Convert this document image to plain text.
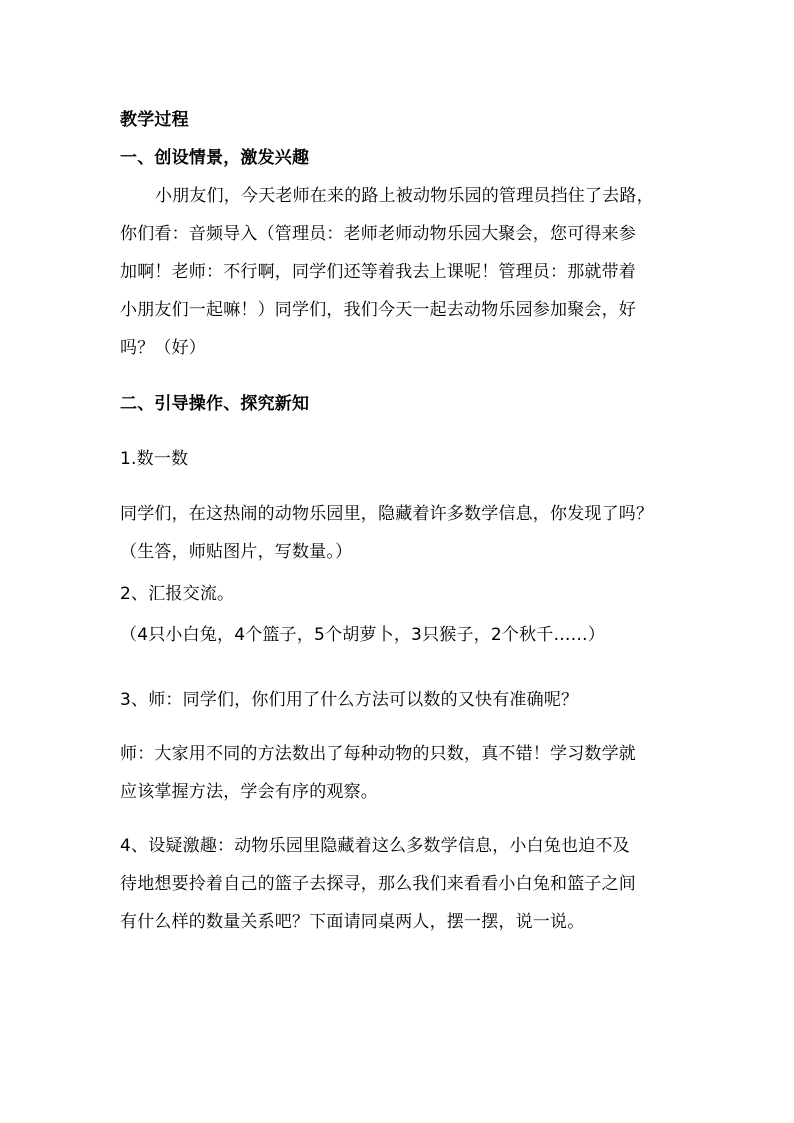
教学过程
一、创设情景，激发兴趣
小朋友们，今天老师在来的路上被动物乐园的管理员挡住了去路，
你们看：音频导入（管理员：老师老师动物乐园大聚会，您可得来参
加啊！老师：不行啊，同学们还等着我去上课呢！管理员：那就带着
小朋友们一起嘛！）同学们，我们今天一起去动物乐园参加聚会，好
吗？（好）
二、引导操作、探究新知
1.数一数
同学们，在这热闹的动物乐园里，隐藏着许多数学信息，你发现了吗？
（生答，师贴图片，写数量。）
2、汇报交流。
（4只小白兔，4个篮子，5个胡萝卜，3只猴子，2个秋千……）
3、师：同学们，你们用了什么方法可以数的又快有准确呢？
师：大家用不同的方法数出了每种动物的只数，真不错！学习数学就
应该掌握方法，学会有序的观察。
4、设疑激趣：动物乐园里隐藏着这么多数学信息，小白兔也迫不及
待地想要拎着自己的篮子去探寻，那么我们来看看小白兔和篮子之间
有什么样的数量关系吧？下面请同桌两人，摆一摆，说一说。
